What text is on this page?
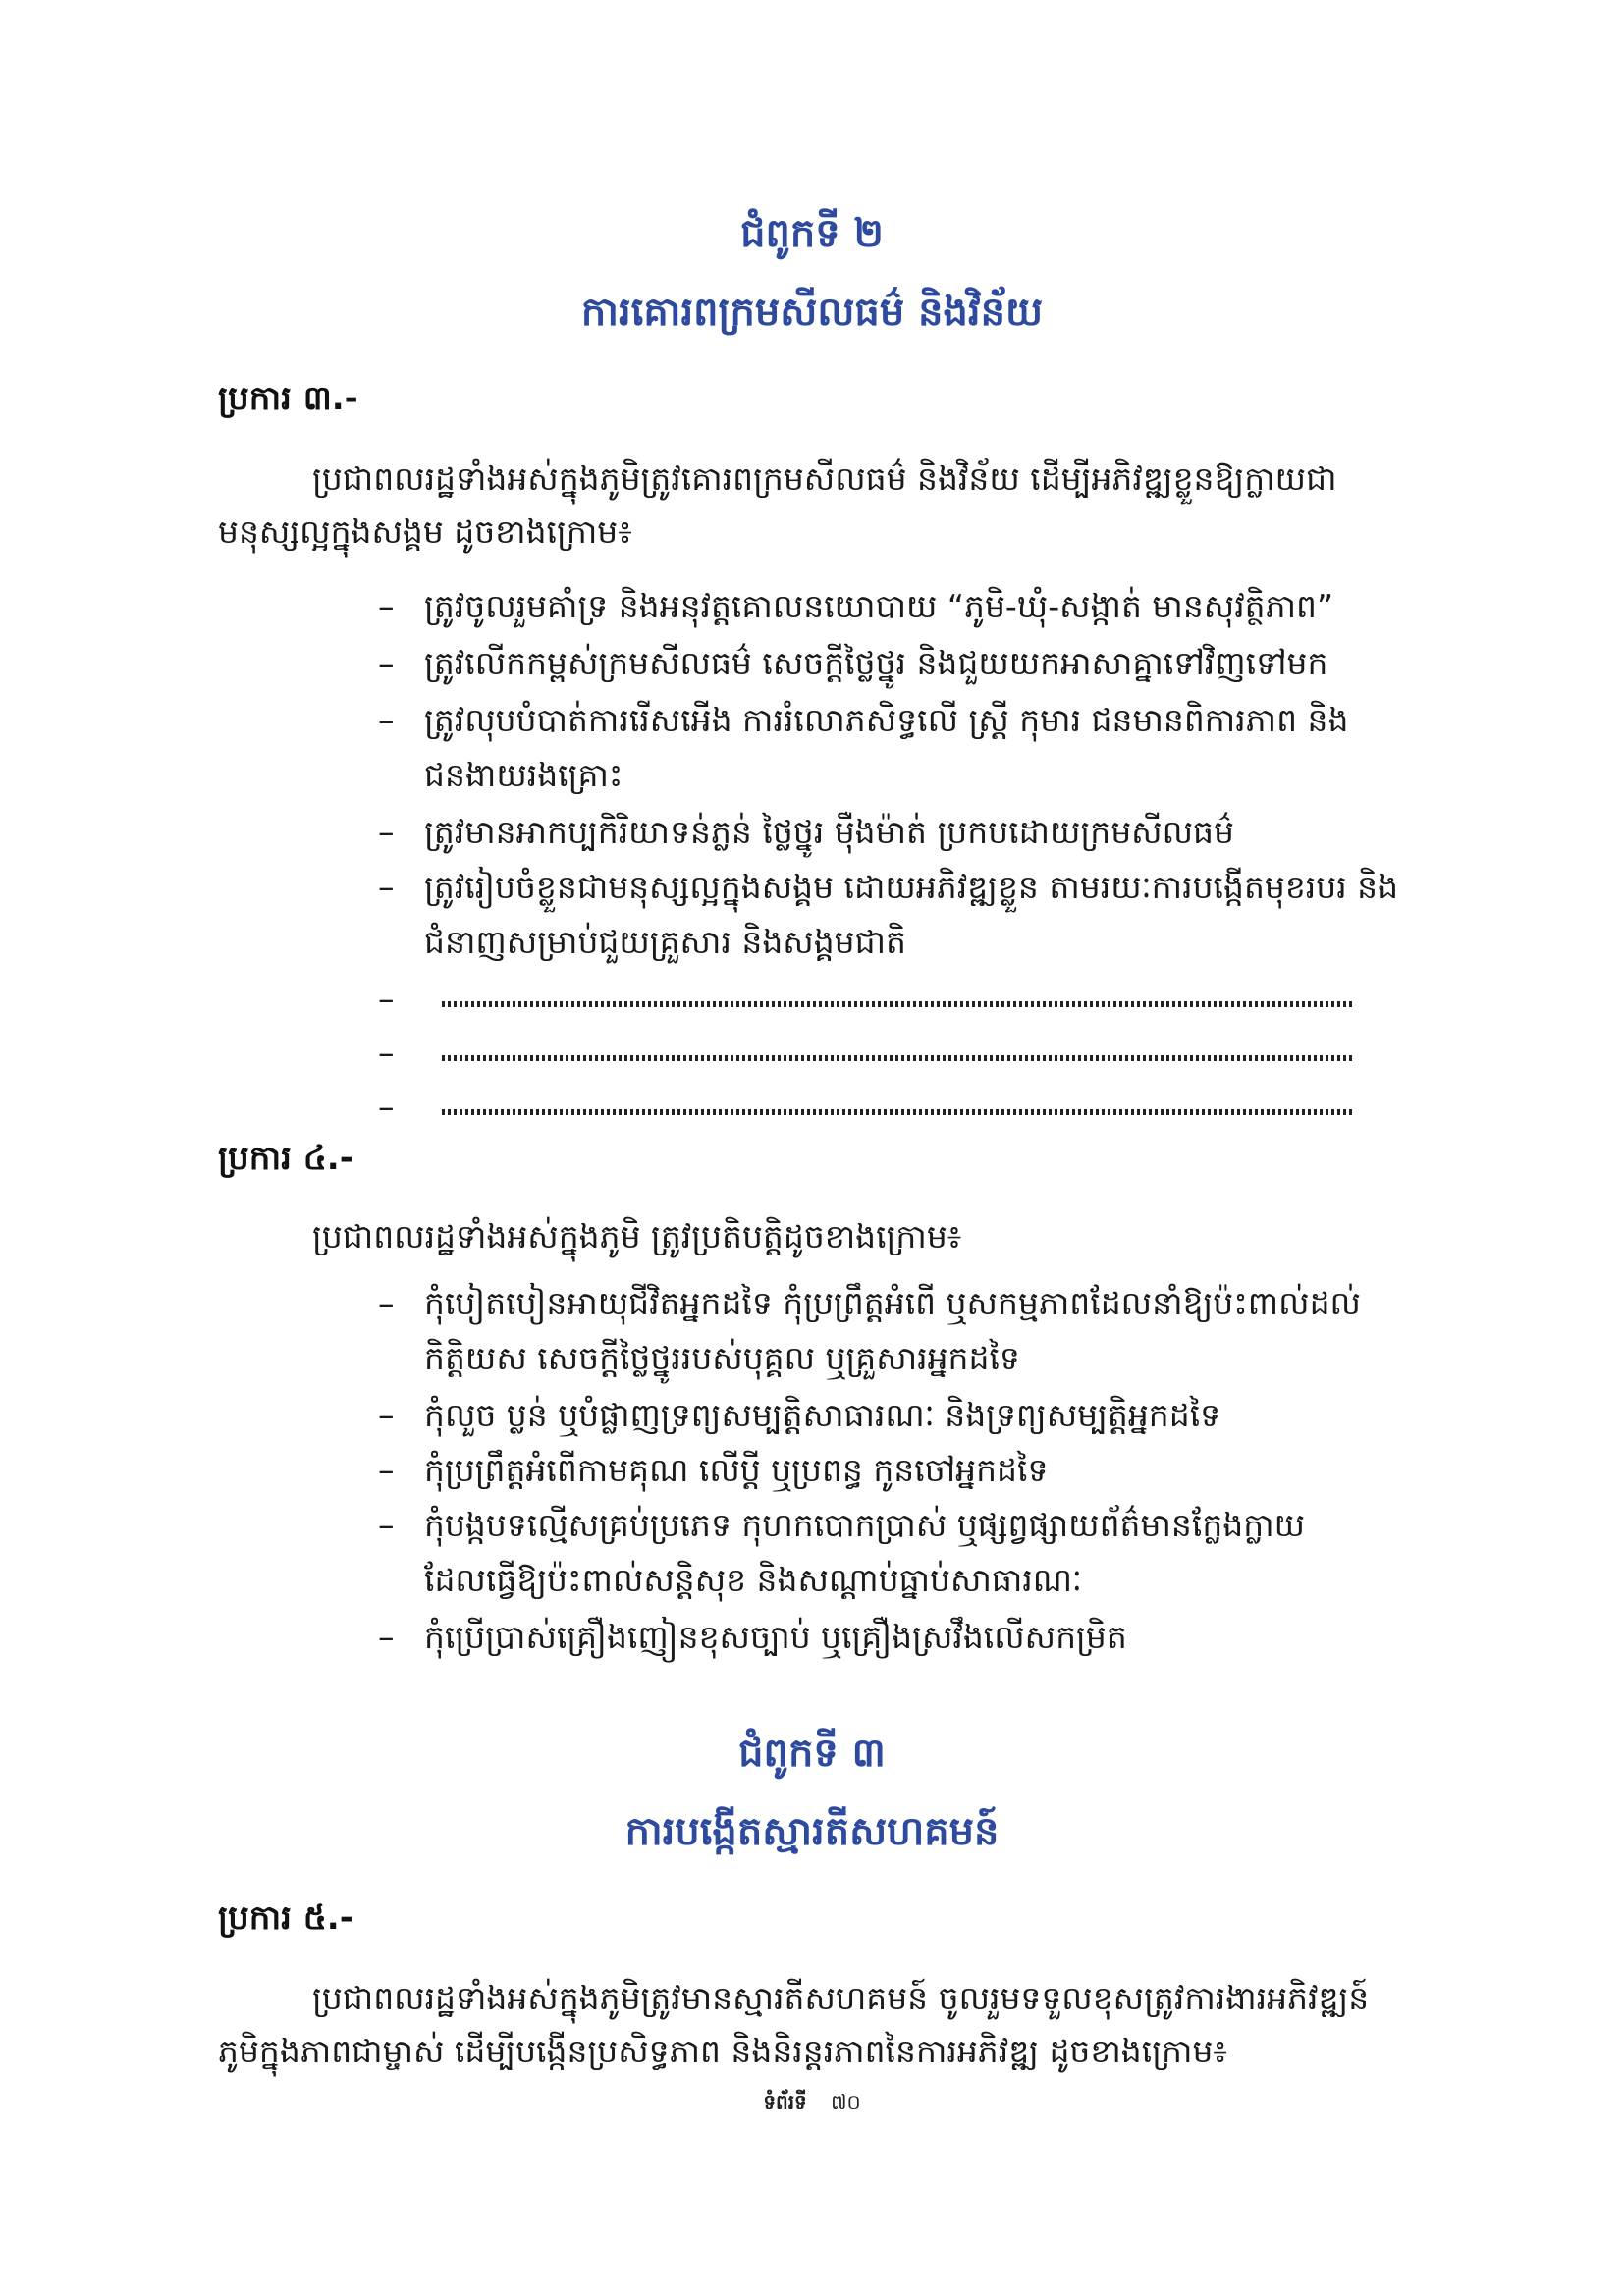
ជំពូកទី ២
ការគោរពក្រមសីលធម៌ និងវិន័យ
ប្រការ ៣.-
ប្រជាពលរដ្ឋទាំងអស់ក្នុងភូមិត្រូវគោរពក្រមសីលធម៌ និងវិន័យ ដើម្បីអភិវឌ្ឍខ្លួនឱ្យក្លាយជា
មនុស្សល្អក្នុងសង្គម ដូចខាងក្រោម៖
– ត្រូវចូលរួមគាំទ្រ និងអនុវត្តគោលនយោបាយ “ភូមិ-ឃុំ-សង្កាត់ មានសុវត្ថិភាព”
– ត្រូវលើកកម្ពស់ក្រមសីលធម៌ សេចក្ដីថ្លៃថ្នូរ និងជួយយកអាសាគ្នាទៅវិញទៅមក
– ត្រូវលុបបំបាត់ការរើសអើង ការរំលោភសិទ្ធលើ ស្ត្រី កុមារ ជនមានពិការភាព និង
ជនងាយរងគ្រោះ
– ត្រូវមានអាកប្បកិរិយាទន់ភ្លន់ ថ្លៃថ្នូរ ម៉ឺងម៉ាត់ ប្រកបដោយក្រមសីលធម៌
– ត្រូវរៀបចំខ្លួនជាមនុស្សល្អក្នុងសង្គម ដោយអភិវឌ្ឍខ្លួន តាមរយៈការបង្កើតមុខរបរ និង
ជំនាញសម្រាប់ជួយគ្រួសារ និងសង្គមជាតិ
–
–
–
ប្រការ ៤.-
ប្រជាពលរដ្ឋទាំងអស់ក្នុងភូមិ ត្រូវប្រតិបត្តិដូចខាងក្រោម៖
– កុំបៀតបៀនអាយុជីវិតអ្នកដទៃ កុំប្រព្រឹត្តអំពើ ឬសកម្មភាពដែលនាំឱ្យប៉ះពាល់ដល់
កិត្តិយស សេចក្ដីថ្លៃថ្នូររបស់បុគ្គល ឬគ្រួសារអ្នកដទៃ
– កុំលួច ប្លន់ ឬបំផ្លាញទ្រព្យសម្បត្តិសាធារណៈ និងទ្រព្យសម្បត្តិអ្នកដទៃ
– កុំប្រព្រឹត្តអំពើកាមគុណ លើប្តី ឬប្រពន្ធ កូនចៅអ្នកដទៃ
– កុំបង្កបទល្មើសគ្រប់ប្រភេទ កុហកបោកប្រាស់ ឬផ្សព្វផ្សាយព័ត៌មានក្លែងក្លាយ
ដែលធ្វើឱ្យប៉ះពាល់សន្តិសុខ និងសណ្ដាប់ធ្នាប់សាធារណៈ
– កុំប្រើប្រាស់គ្រឿងញៀនខុសច្បាប់ ឬគ្រឿងស្រវឹងលើសកម្រិត
ជំពូកទី ៣
ការបង្កើតស្មារតីសហគមន៍
ប្រការ ៥.-
ប្រជាពលរដ្ឋទាំងអស់ក្នុងភូមិត្រូវមានស្មារតីសហគមន៍ ចូលរួមទទួលខុសត្រូវការងារអភិវឌ្ឍន៍
ភូមិក្នុងភាពជាម្ចាស់ ដើម្បីបង្កើនប្រសិទ្ធភាព និងនិរន្តរភាពនៃការអភិវឌ្ឍ ដូចខាងក្រោម៖
ទំព័រទី ៧០
